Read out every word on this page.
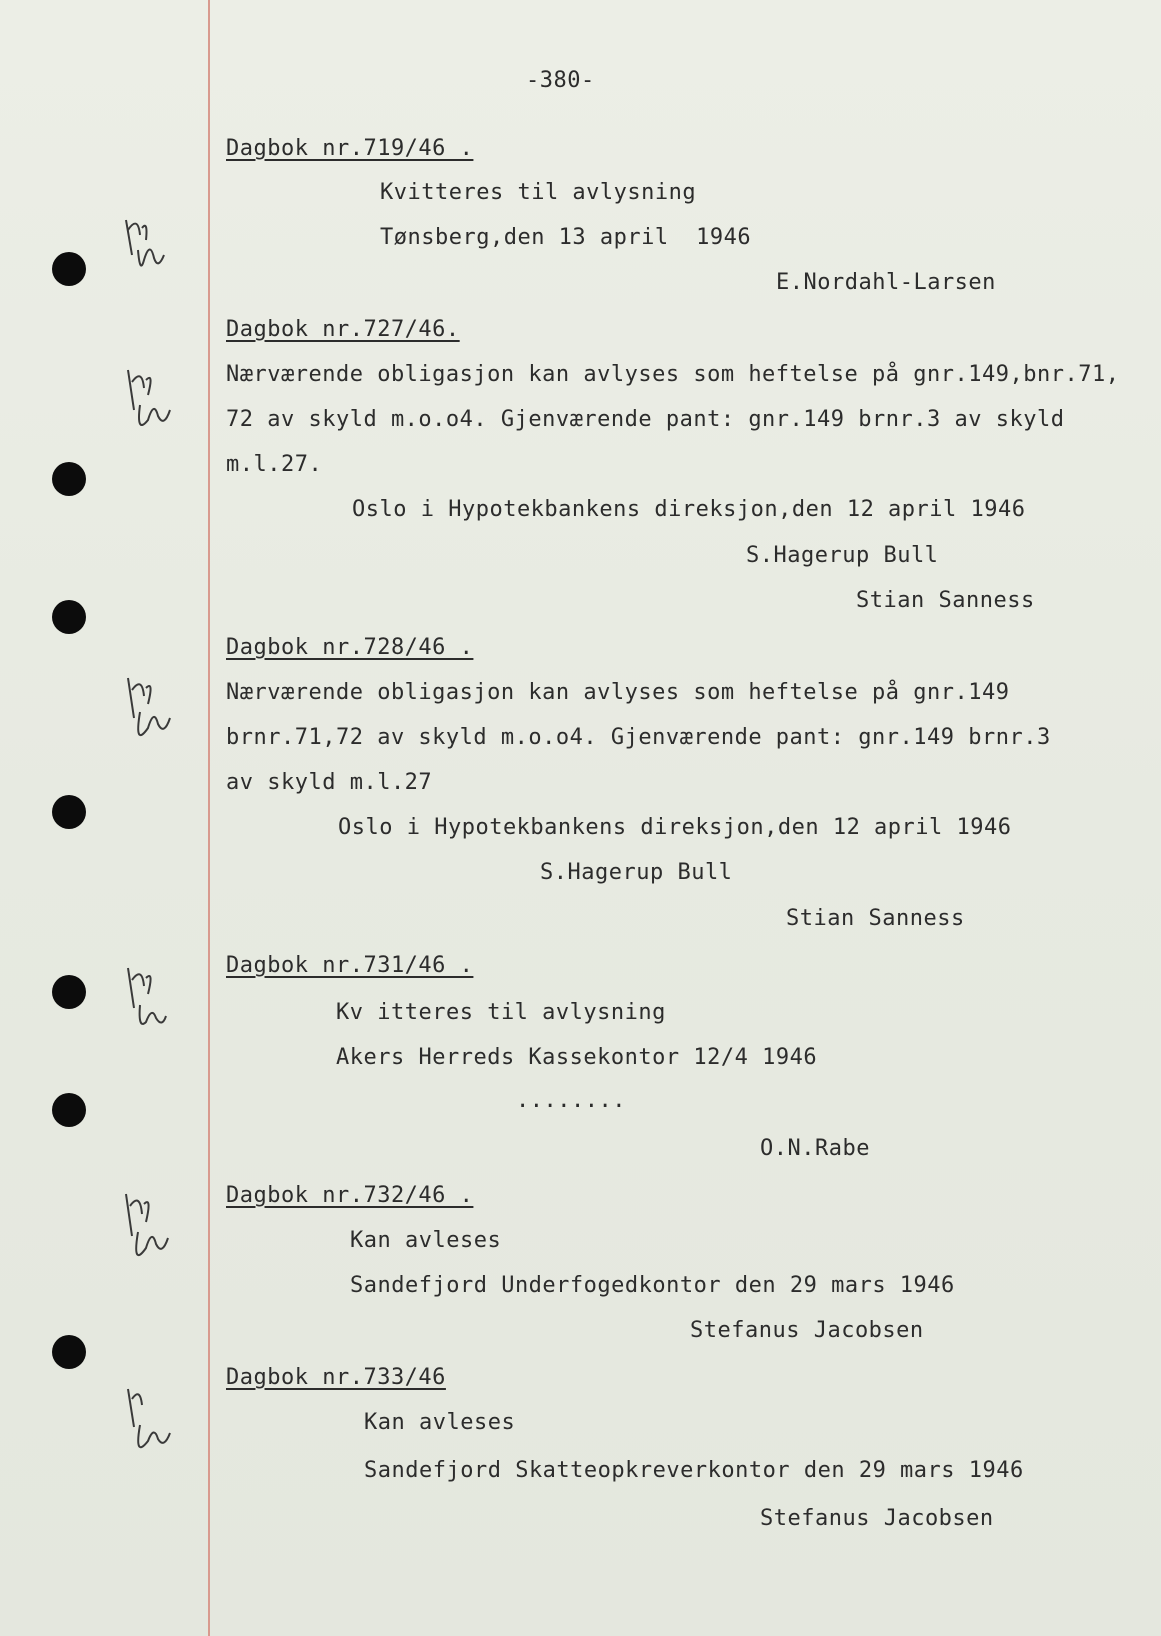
-380-
Dagbok nr.719/46 .
Kvitteres til avlysning
Tønsberg,den 13 april  1946
E.Nordahl-Larsen
Dagbok nr.727/46.
Nærværende obligasjon kan avlyses som heftelse på gnr.149,bnr.71,
72 av skyld m.o.o4. Gjenværende pant: gnr.149 brnr.3 av skyld
m.l.27.
Oslo i Hypotekbankens direksjon,den 12 april 1946
S.Hagerup Bull
Stian Sanness
Dagbok nr.728/46 .
Nærværende obligasjon kan avlyses som heftelse på gnr.149
brnr.71,72 av skyld m.o.o4. Gjenværende pant: gnr.149 brnr.3
av skyld m.l.27
Oslo i Hypotekbankens direksjon,den 12 april 1946
S.Hagerup Bull
Stian Sanness
Dagbok nr.731/46 .
Kv itteres til avlysning
Akers Herreds Kassekontor 12/4 1946
........
O.N.Rabe
Dagbok nr.732/46 .
Kan avleses
Sandefjord Underfogedkontor den 29 mars 1946
Stefanus Jacobsen
Dagbok nr.733/46
Kan avleses
Sandefjord Skatteopkreverkontor den 29 mars 1946
Stefanus Jacobsen
